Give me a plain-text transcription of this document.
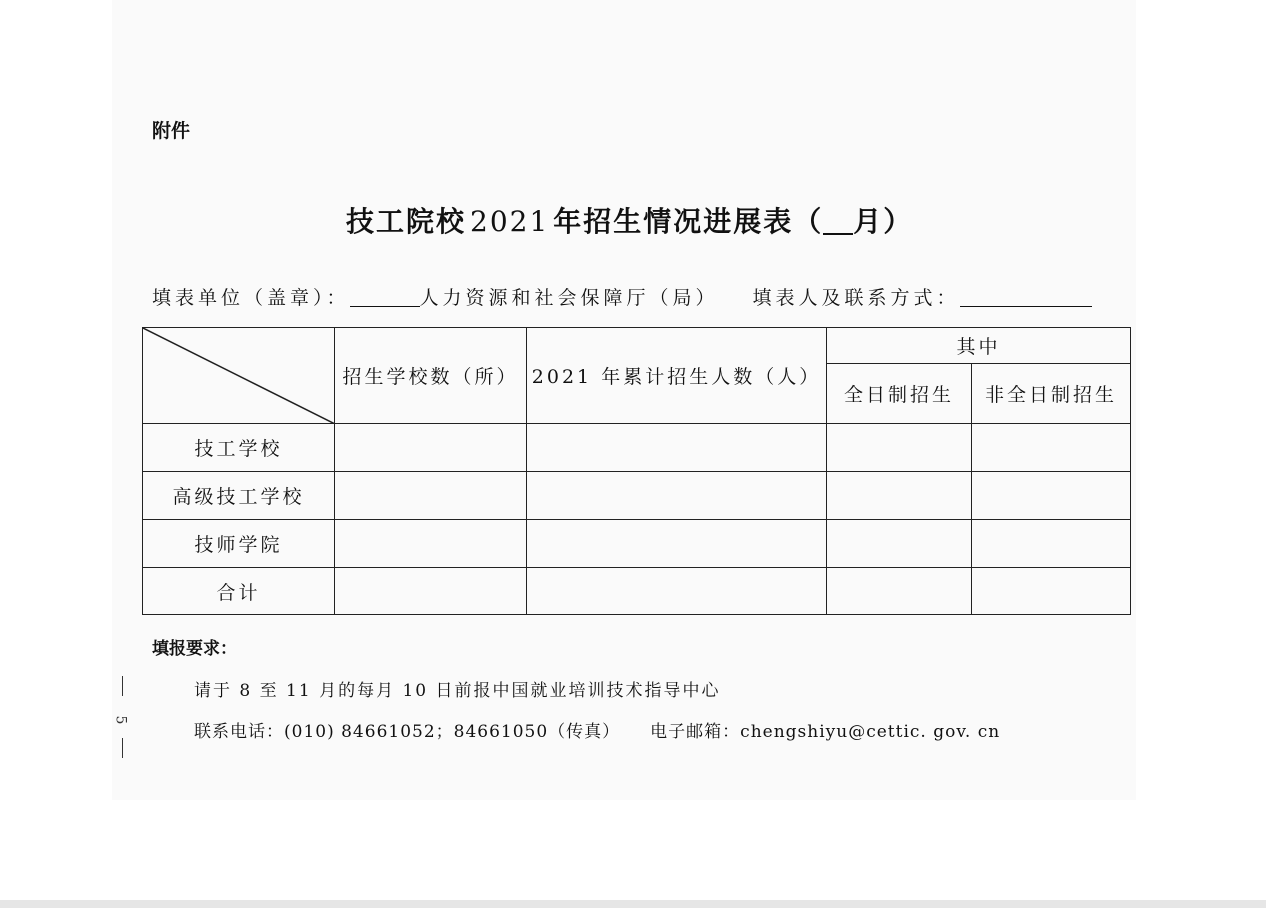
附件
技工院校 2021 年招生情况进展表（ 月）
填表单位（盖章）：	人力资源和社会保障厅（局） 填表人及联系方式：
	招生学校数（所）	2021 年累计招生人数（人）	其中	
			全日制招生	非全日制招生
技工学校				
高级技工学校				
技师学院				
合计				
填报要求：
请于 8 至 11 月的每月 10 日前报中国就业培训技术指导中心
联系电话：(010) 84661052；84661050（传真） 电子邮箱：chengshiyu@cettic. gov. cn
5
